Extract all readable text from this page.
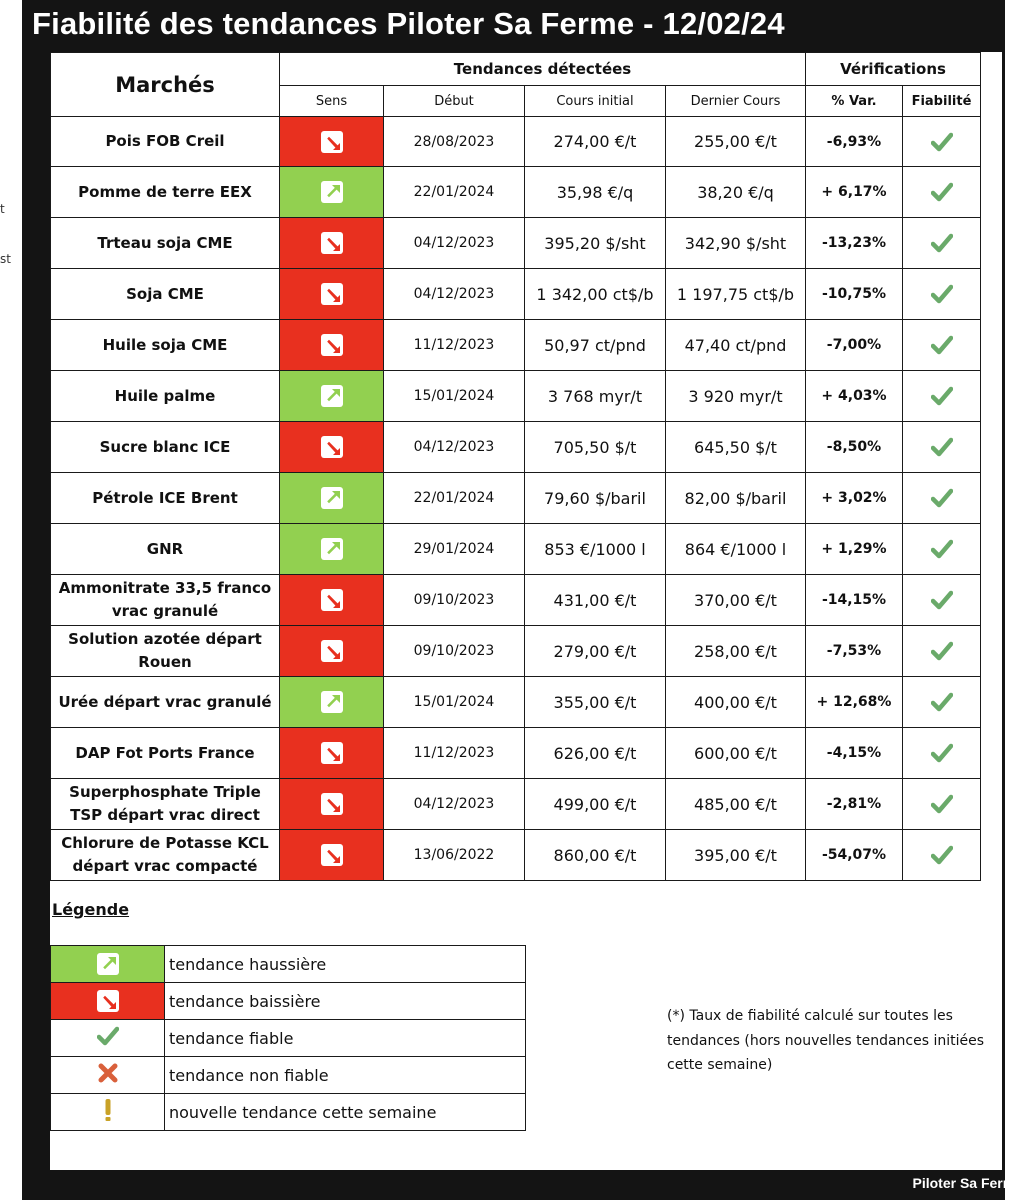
t
st
Fiabilité des tendances Piloter Sa Ferme - 12/02/24
Marchés	Tendances détectées				Vérifications	
	Sens	Début	Cours initial	Dernier Cours	% Var.	Fiabilité
Pois FOB Creil		28/08/2023	274,00 €/t	255,00 €/t	-6,93%	

Pomme de terre EEX		22/01/2024	35,98 €/q	38,20 €/q	+ 6,17%	

Trteau soja CME		04/12/2023	395,20 $/sht	342,90 $/sht	-13,23%	

Soja CME		04/12/2023	1 342,00 ct$/b	1 197,75 ct$/b	-10,75%	

Huile soja CME		11/12/2023	50,97 ct/pnd	47,40 ct/pnd	-7,00%	

Huile palme		15/01/2024	3 768 myr/t	3 920 myr/t	+ 4,03%	

Sucre blanc ICE		04/12/2023	705,50 $/t	645,50 $/t	-8,50%	

Pétrole ICE Brent		22/01/2024	79,60 $/baril	82,00 $/baril	+ 3,02%	

GNR		29/01/2024	853 €/1000 l	864 €/1000 l	+ 1,29%	

Ammonitrate 33,5 franco
vrac granulé		09/10/2023	431,00 €/t	370,00 €/t	-14,15%	

Solution azotée départ
Rouen		09/10/2023	279,00 €/t	258,00 €/t	-7,53%	

Urée départ vrac granulé		15/01/2024	355,00 €/t	400,00 €/t	+ 12,68%	

DAP Fot Ports France		11/12/2023	626,00 €/t	600,00 €/t	-4,15%	

Superphosphate Triple
TSP départ vrac direct		04/12/2023	499,00 €/t	485,00 €/t	-2,81%	

Chlorure de Potasse KCL
départ vrac compacté		13/06/2022	860,00 €/t	395,00 €/t	-54,07%	
Légende
	tendance haussière

	tendance baissière
	tendance fiable
	tendance non fiable
	nouvelle tendance cette semaine
(*) Taux de fiabilité calculé sur toutes les tendances (hors nouvelles tendances initiées cette semaine)
Piloter Sa Ferme
